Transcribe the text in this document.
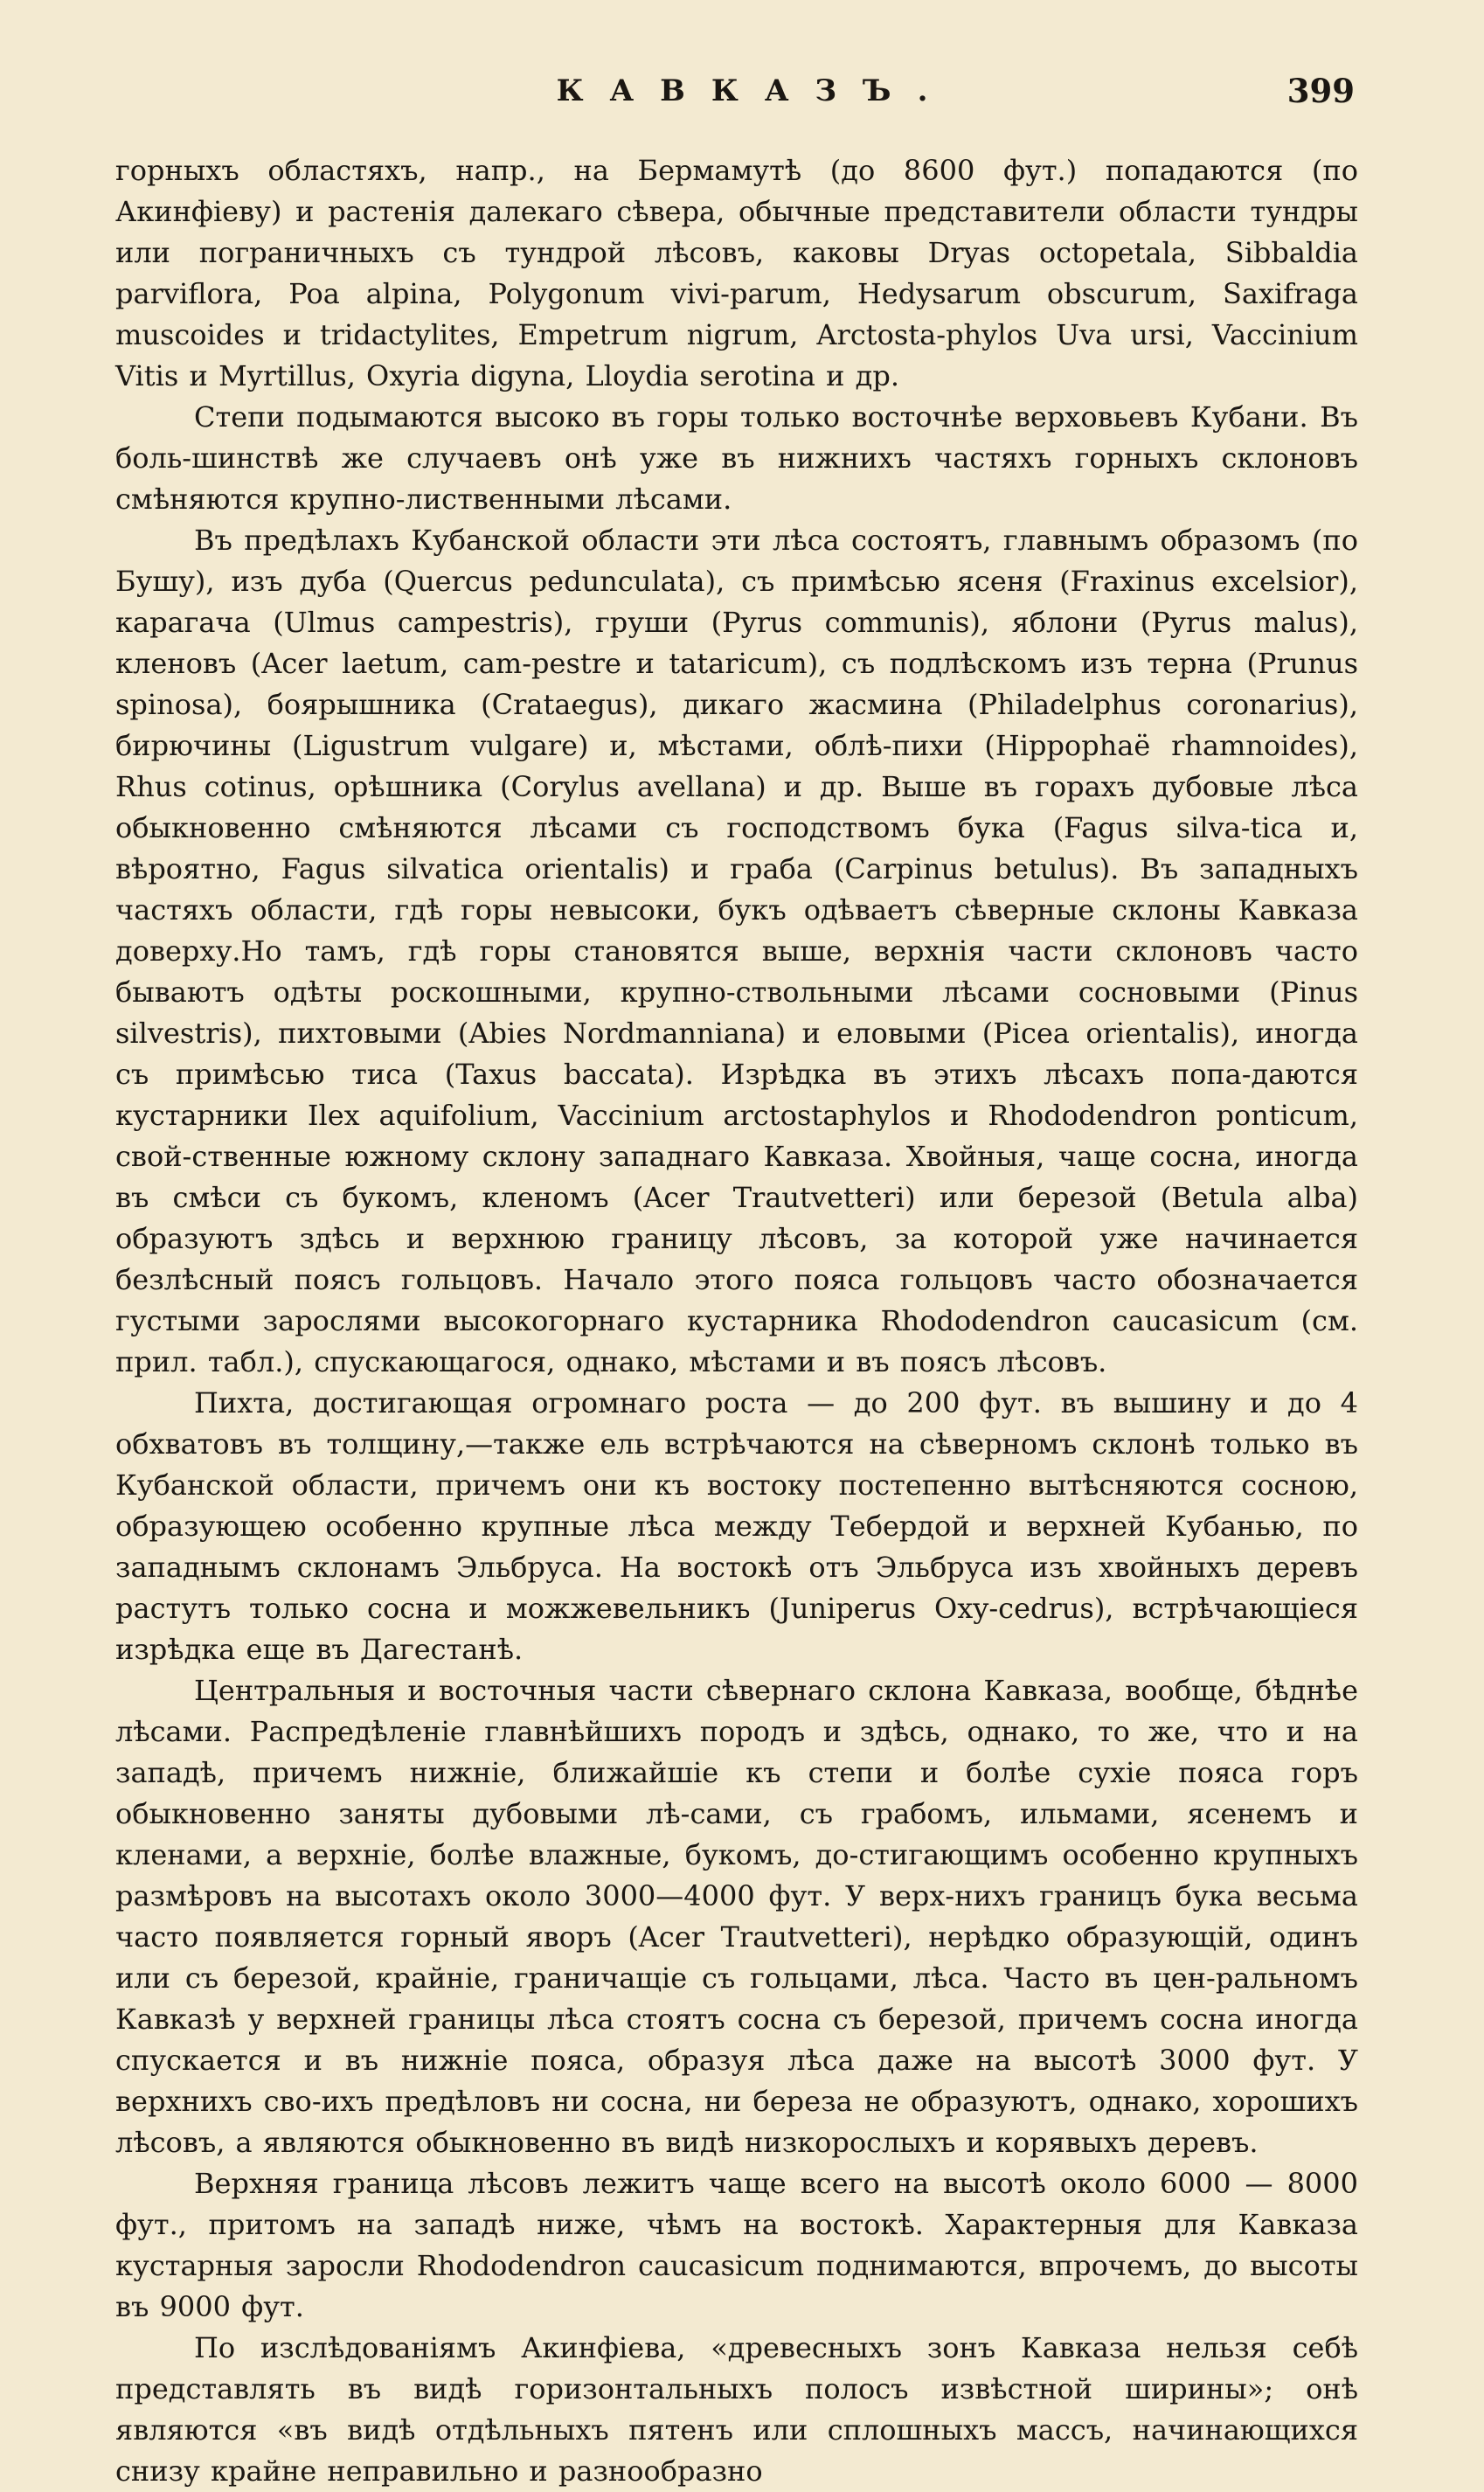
КАВКАЗЪ.	399

горныхъ областяхъ, напр., на Бермамутѣ (до 8600 фут.) попадаются (по Акинфіеву) и растенія далекаго сѣвера, обычные представители области тундры или пограничныхъ съ тундрой лѣсовъ, каковы Dryas octopetala, Sibbaldia parviflora, Poa alpina, Polygonum vivi-parum, Hedysarum obscurum, Saxifraga muscoides и tridactylites, Empetrum nigrum, Arctosta-phylos Uva ursi, Vaccinium Vitis и Myrtillus, Oxyria digyna, Lloydia serotina и др.

Степи подымаются высоко въ горы только восточнѣе верховьевъ Кубани. Въ боль-шинствѣ же случаевъ онѣ уже въ нижнихъ частяхъ горныхъ склоновъ смѣняются крупно-лиственными лѣсами.

Въ предѣлахъ Кубанской области эти лѣса состоятъ, главнымъ образомъ (по Бушу), изъ дуба (Quercus pedunculata), съ примѣсью ясеня (Fraxinus excelsior), карагача (Ulmus campestris), груши (Pyrus communis), яблони (Pyrus malus), кленовъ (Acer laetum, cam-pestre и tataricum), съ подлѣскомъ изъ терна (Prunus spinosa), боярышника (Crataegus), дикаго жасмина (Philadelphus coronarius), бирючины (Ligustrum vulgare) и, мѣстами, облѣ-пихи (Hippophaë rhamnoides), Rhus cotinus, орѣшника (Corylus avellana) и др. Выше въ горахъ дубовые лѣса обыкновенно смѣняются лѣсами съ господствомъ бука (Fagus silva-tica и, вѣроятно, Fagus silvatica orientalis) и граба (Carpinus betulus). Въ западныхъ частяхъ области, гдѣ горы невысоки, букъ одѣваетъ сѣверные склоны Кавказа доверху.Но тамъ, гдѣ горы становятся выше, верхнія части склоновъ часто бываютъ одѣты роскошными, крупно-ствольными лѣсами сосновыми (Pinus silvestris), пихтовыми (Abies Nordmanniana) и еловыми (Picea orientalis), иногда съ примѣсью тиса (Taxus baccata). Изрѣдка въ этихъ лѣсахъ попа-даются кустарники Ilex aquifolium, Vaccinium arctostaphylos и Rhododendron ponticum, свой-ственные южному склону западнаго Кавказа. Хвойныя, чаще сосна, иногда въ смѣси съ букомъ, кленомъ (Acer Trautvetteri) или березой (Betula alba) образуютъ здѣсь и верхнюю границу лѣсовъ, за которой уже начинается безлѣсный поясъ гольцовъ. Начало этого пояса гольцовъ часто обозначается густыми зарослями высокогорнаго кустарника Rhododendron caucasicum (см. прил. табл.), спускающагося, однако, мѣстами и въ поясъ лѣсовъ.

Пихта, достигающая огромнаго роста — до 200 фут. въ вышину и до 4 обхватовъ въ толщину,—также ель встрѣчаются на сѣверномъ склонѣ только въ Кубанской области, причемъ они къ востоку постепенно вытѣсняются сосною, образующею особенно крупные лѣса между Тебердой и верхней Кубанью, по западнымъ склонамъ Эльбруса. На востокѣ отъ Эльбруса изъ хвойныхъ деревъ растутъ только сосна и можжевельникъ (Juniperus Oxy-cedrus), встрѣчающіеся изрѣдка еще въ Дагестанѣ.

Центральныя и восточныя части сѣвернаго склона Кавказа, вообще, бѣднѣе лѣсами. Распредѣленіе главнѣйшихъ породъ и здѣсь, однако, то же, что и на западѣ, причемъ нижніе, ближайшіе къ степи и болѣе сухіе пояса горъ обыкновенно заняты дубовыми лѣ-сами, съ грабомъ, ильмами, ясенемъ и кленами, а верхніе, болѣе влажные, букомъ, до-стигающимъ особенно крупныхъ размѣровъ на высотахъ около 3000—4000 фут. У верх-нихъ границъ бука весьма часто появляется горный яворъ (Acer Trautvetteri), нерѣдко образующій, одинъ или съ березой, крайніе, граничащіе съ гольцами, лѣса. Часто въ цен-ральномъ Кавказѣ у верхней границы лѣса стоятъ сосна съ березой, причемъ сосна иногда спускается и въ нижніе пояса, образуя лѣса даже на высотѣ 3000 фут. У верхнихъ сво-ихъ предѣловъ ни сосна, ни береза не образуютъ, однако, хорошихъ лѣсовъ, а являются обыкновенно въ видѣ низкорослыхъ и корявыхъ деревъ.

Верхняя граница лѣсовъ лежитъ чаще всего на высотѣ около 6000 — 8000 фут., притомъ на западѣ ниже, чѣмъ на востокѣ. Характерныя для Кавказа кустарныя заросли Rhododendron caucasicum поднимаются, впрочемъ, до высоты въ 9000 фут.

По изслѣдованіямъ Акинфіева, «древесныхъ зонъ Кавказа нельзя себѣ представлять въ видѣ горизонтальныхъ полосъ извѣстной ширины»; онѣ являются «въ видѣ отдѣльныхъ пятенъ или сплошныхъ массъ, начинающихся снизу крайне неправильно и разнообразно
